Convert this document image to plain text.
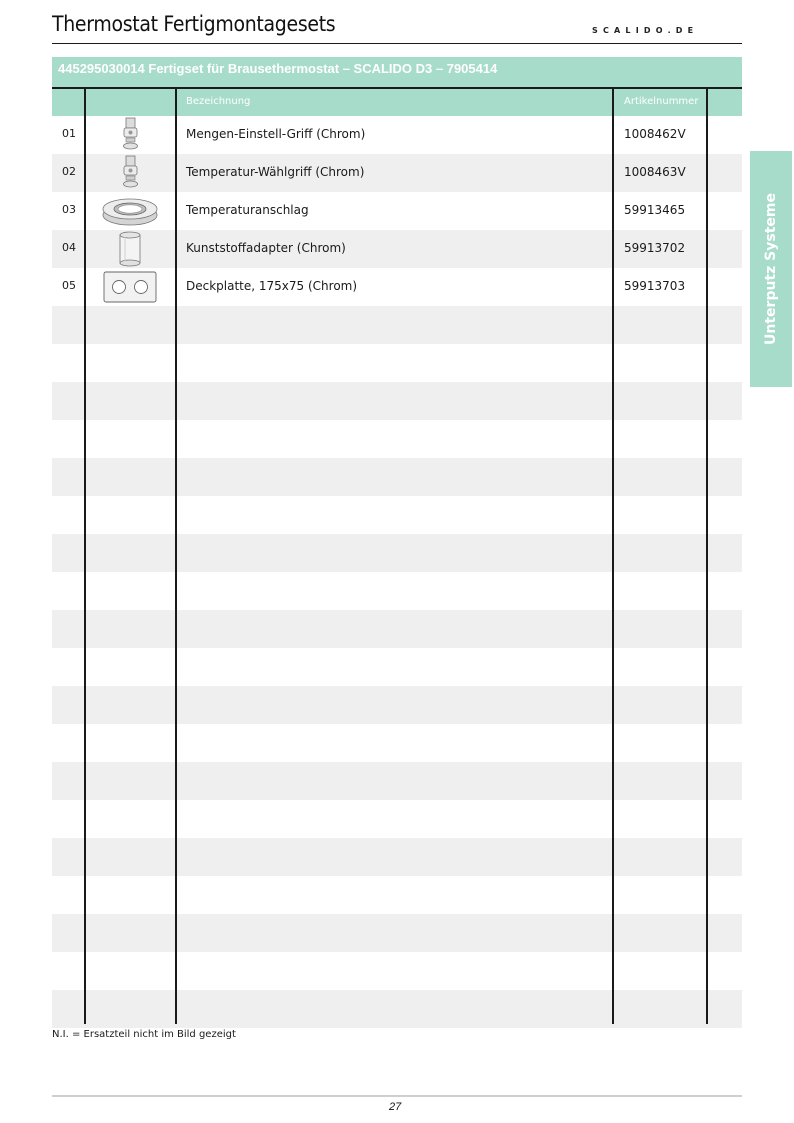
Thermostat Fertigmontagesets	SCALIDO.DE
445295030014 Fertigset für Brausethermostat – SCALIDO D3 – 7905414
Bezeichnung	Artikelnummer
01	Mengen-Einstell-Griff (Chrom)	1008462V
02	Temperatur-Wählgriff (Chrom)	1008463V
03	Temperaturanschlag	59913465
04	Kunststoffadapter (Chrom)	59913702
05	Deckplatte, 175x75 (Chrom)	59913703	Unterputz Systeme
N.I. = Ersatzteil nicht im Bild gezeigt
27
